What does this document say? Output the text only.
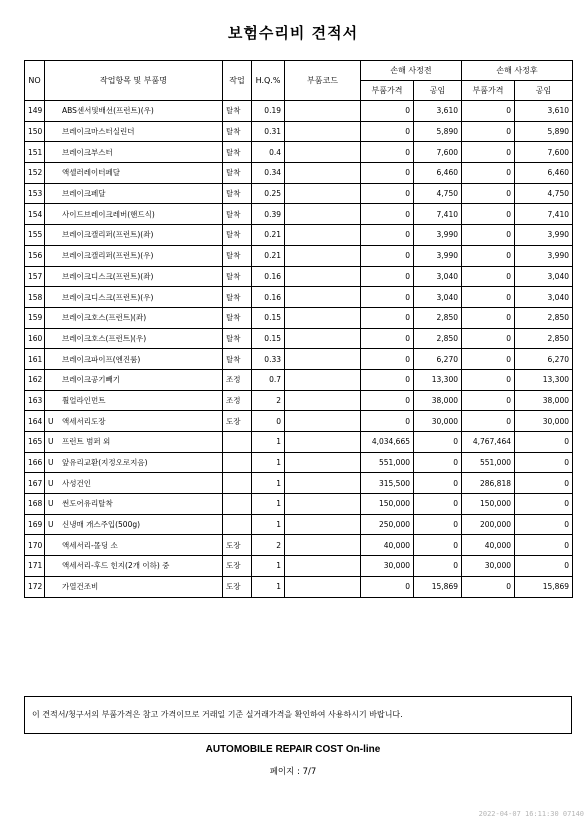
보험수리비 견적서
NO	작업항목 및 부품명	작업	H.Q.%	부품코드	손해 사정전		손해 사정후	
					부품가격	공임	부품가격	공임
149	ABS센서및배선(프런트)(우)	탈착	0.19		0	3,610	0	3,610
150	브레이크마스터실린더	탈착	0.31		0	5,890	0	5,890
151	브레이크부스터	탈착	0.4		0	7,600	0	7,600
152	액셀러레이터페달	탈착	0.34		0	6,460	0	6,460
153	브레이크페달	탈착	0.25		0	4,750	0	4,750
154	사이드브레이크레버(핸드식)	탈착	0.39		0	7,410	0	7,410
155	브레이크캘리퍼(프런트)(좌)	탈착	0.21		0	3,990	0	3,990
156	브레이크캘리퍼(프런트)(우)	탈착	0.21		0	3,990	0	3,990
157	브레이크디스크(프런트)(좌)	탈착	0.16		0	3,040	0	3,040
158	브레이크디스크(프런트)(우)	탈착	0.16		0	3,040	0	3,040
159	브레이크호스(프런트)(좌)	탈착	0.15		0	2,850	0	2,850
160	브레이크호스(프런트)(우)	탈착	0.15		0	2,850	0	2,850
161	브레이크파이프(엔진룸)	탈착	0.33		0	6,270	0	6,270
162	브레이크공기빼기	조정	0.7		0	13,300	0	13,300
163	휠얼라인먼트	조정	2		0	38,000	0	38,000
164	U 액세서리도장	도장	0		0	30,000	0	30,000
165	U 프런트 범퍼 외		1		4,034,665	0	4,767,464	0
166	U 앞유리교환(지정오로지음)		1		551,000	0	551,000	0
167	U 사성건인		1		315,500	0	286,818	0
168	U 썬도어유리탈착		1		150,000	0	150,000	0
169	U 신냉매 개스주입(500g)		1		250,000	0	200,000	0
170	액세서리-몰딩 소	도장	2		40,000	0	40,000	0
171	액세서리-후드 힌지(2개 이하) 중	도장	1		30,000	0	30,000	0
172	가열건조비	도장	1		0	15,869	0	15,869
이 견적서/청구서의 부품가격은 참고 가격이므로 거래일 기준 실거래가격을 확인하여 사용하시기 바랍니다.
AUTOMOBILE REPAIR COST On-line
페이지 : 7/7
2022-04-07 16:11:30 07140
